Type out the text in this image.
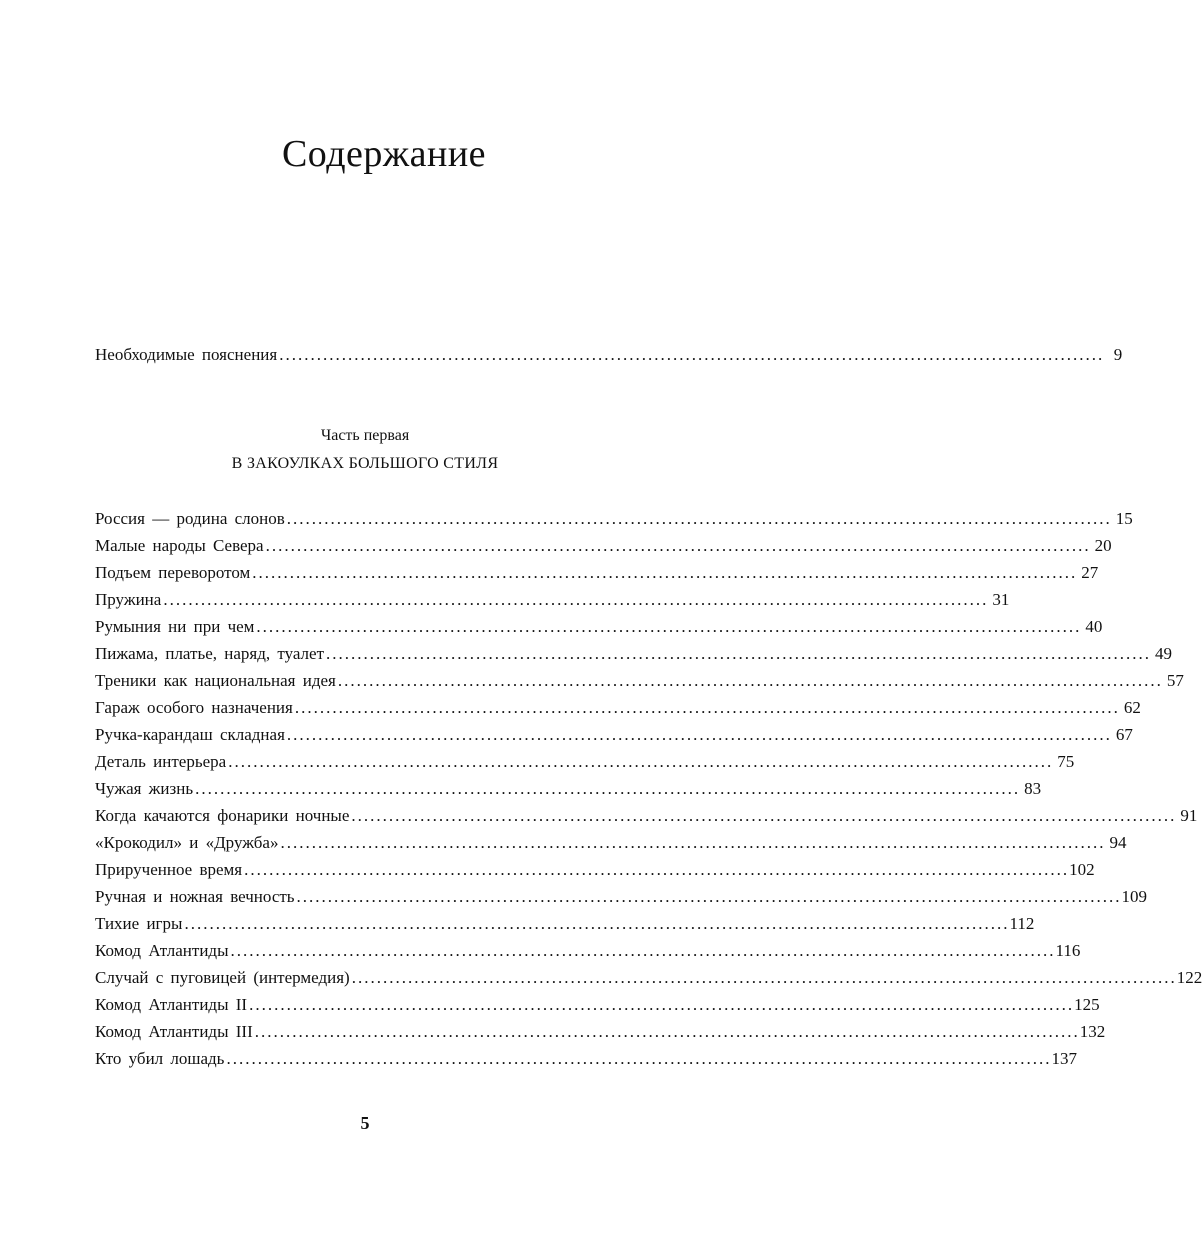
Содержание
Необходимые пояснения .................................................................................................................................... 9
Часть первая
В ЗАКОУЛКАХ БОЛЬШОГО СТИЛЯ
Россия — родина слонов .................................................................................................................................... 15
Малые народы Севера .................................................................................................................................... 20
Подъем переворотом .................................................................................................................................... 27
Пружина .................................................................................................................................... 31
Румыния ни при чем .................................................................................................................................... 40
Пижама, платье, наряд, туалет .................................................................................................................................... 49
Треники как национальная идея .................................................................................................................................... 57
Гараж особого назначения .................................................................................................................................... 62
Ручка-карандаш складная .................................................................................................................................... 67
Деталь интерьера .................................................................................................................................... 75
Чужая жизнь .................................................................................................................................... 83
Когда качаются фонарики ночные .................................................................................................................................... 91
«Крокодил» и «Дружба» .................................................................................................................................... 94
Прирученное время .................................................................................................................................... 102
Ручная и ножная вечность .................................................................................................................................... 109
Тихие игры .................................................................................................................................... 112
Комод Атлантиды .................................................................................................................................... 116
Случай с пуговицей (интермедия) .................................................................................................................................... 122
Комод Атлантиды II .................................................................................................................................... 125
Комод Атлантиды III .................................................................................................................................... 132
Кто убил лошадь .................................................................................................................................... 137
5
